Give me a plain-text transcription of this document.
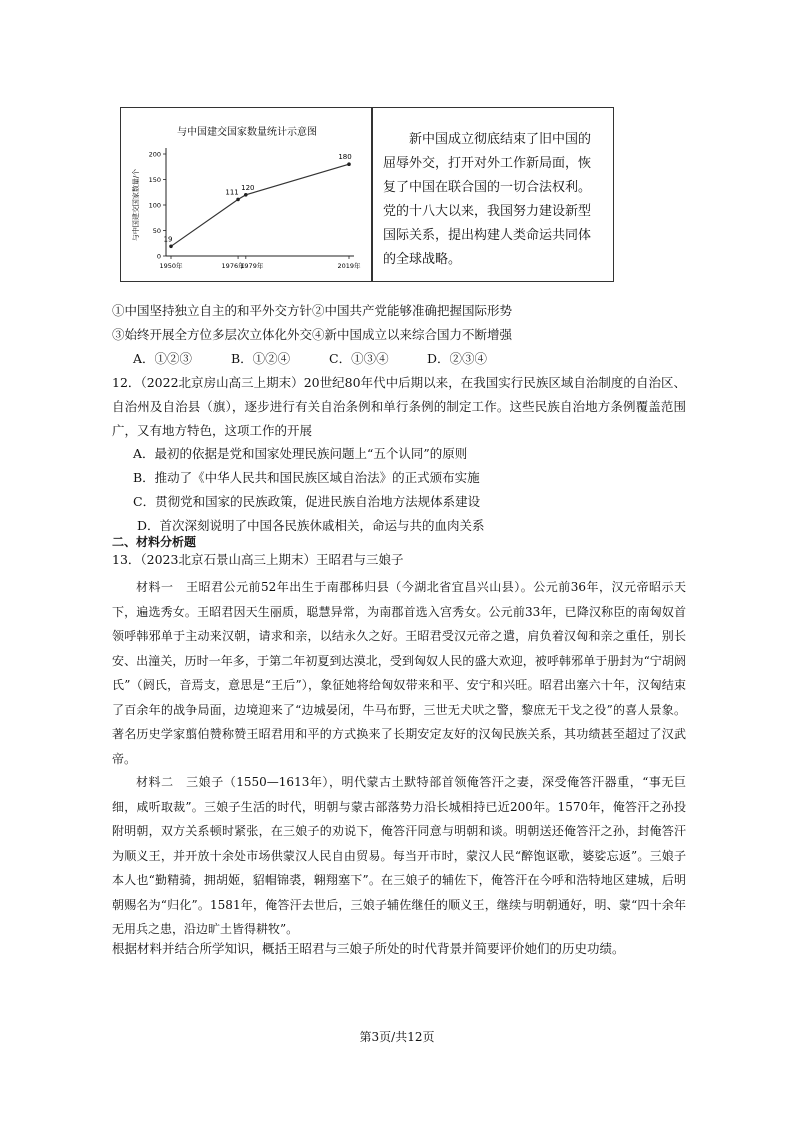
与中国建交国家数量统计示意图
与中国建交国家数量/个
0
50
100
150
200
19
1950年
111
1976年
120
1979年
180
2019年
新中国成立彻底结束了旧中国的屈辱外交，打开对外工作新局面，恢复了中国在联合国的一切合法权利。党的十八大以来，我国努力建设新型国际关系，提出构建人类命运共同体的全球战略。
①中国坚持独立自主的和平外交方针②中国共产党能够准确把握国际形势
③始终开展全方位多层次立体化外交④新中国成立以来综合国力不断增强
A．①②③	B．①②④	C．①③④	D．②③④
12．（2022北京房山高三上期末）20世纪80年代中后期以来，在我国实行民族区域自治制度的自治区、自治州及自治县（旗），逐步进行有关自治条例和单行条例的制定工作。这些民族自治地方条例覆盖范围广，又有地方特色，这项工作的开展
A．最初的依据是党和国家处理民族问题上“五个认同”的原则
B．推动了《中华人民共和国民族区域自治法》的正式颁布实施
C．贯彻党和国家的民族政策，促进民族自治地方法规体系建设
D．首次深刻说明了中国各民族休戚相关，命运与共的血肉关系
二、材料分析题
13．（2023北京石景山高三上期末）王昭君与三娘子
材料一　王昭君公元前52年出生于南郡秭归县（今湖北省宜昌兴山县）。公元前36年，汉元帝昭示天下，遍选秀女。王昭君因天生丽质，聪慧异常，为南郡首选入宫秀女。公元前33年，已降汉称臣的南匈奴首领呼韩邪单于主动来汉朝，请求和亲，以结永久之好。王昭君受汉元帝之遣，肩负着汉匈和亲之重任，别长安、出潼关，历时一年多，于第二年初夏到达漠北，受到匈奴人民的盛大欢迎，被呼韩邪单于册封为“宁胡阏氏”（阏氏，音焉支，意思是“王后”），象征她将给匈奴带来和平、安宁和兴旺。昭君出塞六十年，汉匈结束了百余年的战争局面，边境迎来了“边城晏闭，牛马布野，三世无犬吠之警，黎庶无干戈之役”的喜人景象。著名历史学家翦伯赞称赞王昭君用和平的方式换来了长期安定友好的汉匈民族关系，其功绩甚至超过了汉武帝。
材料二　三娘子（1550—1613年），明代蒙古土默特部首领俺答汗之妻，深受俺答汗器重，“事无巨细，咸听取裁”。三娘子生活的时代，明朝与蒙古部落势力沿长城相持已近200年。1570年，俺答汗之孙投附明朝，双方关系顿时紧张，在三娘子的劝说下，俺答汗同意与明朝和谈。明朝送还俺答汗之孙，封俺答汗为顺义王，并开放十余处市场供蒙汉人民自由贸易。每当开市时，蒙汉人民“醉饱讴歌，婆娑忘返”。三娘子本人也“勤精骑，拥胡姬，貂帽锦裘，翱翔塞下”。在三娘子的辅佐下，俺答汗在今呼和浩特地区建城，后明朝赐名为“归化”。1581年，俺答汗去世后，三娘子辅佐继任的顺义王，继续与明朝通好，明、蒙“四十余年无用兵之患，沿边旷土皆得耕牧”。
根据材料并结合所学知识，概括王昭君与三娘子所处的时代背景并简要评价她们的历史功绩。
第3页/共12页
